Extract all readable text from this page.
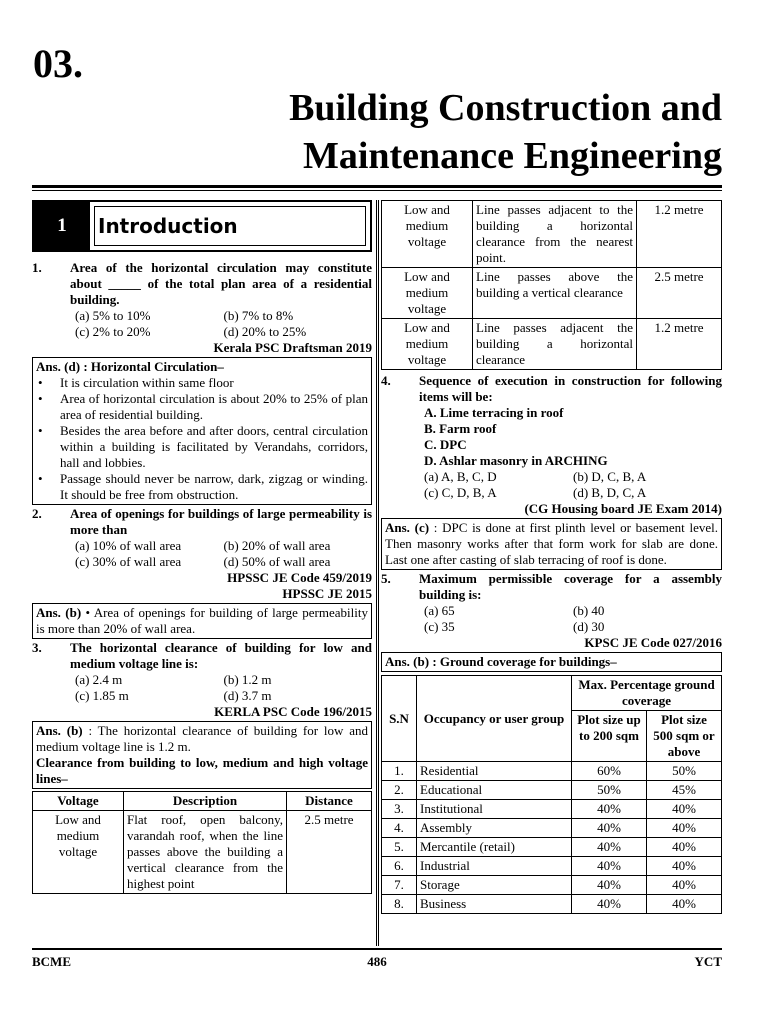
03.
Building Construction and
Maintenance Engineering
1	Introduction
1.	Area of the horizontal circulation may constitute about _____ of the total plan area of a residential building.
(a) 5% to 10%	(b) 7% to 8%
(c) 2% to 20%	(d) 20% to 25%
Kerala PSC Draftsman 2019
Ans. (d) : Horizontal Circulation–
•	It is circulation within same floor
•	Area of horizontal circulation is about 20% to 25% of plan area of residential building.
•	Besides the area before and after doors, central circulation within a building is facilitated by Verandahs, corridors, hall and lobbies.
•	Passage should never be narrow, dark, zigzag or winding. It should be free from obstruction.
2.	Area of openings for buildings of large permeability is more than
(a) 10% of wall area	(b) 20% of wall area
(c) 30% of wall area	(d) 50% of wall area
HPSSC JE Code 459/2019
HPSSC JE 2015
Ans. (b) • Area of openings for building of large permeability is more than 20% of wall area.
3.	The horizontal clearance of building for low and medium voltage line is:
(a) 2.4 m	(b) 1.2 m
(c) 1.85 m	(d) 3.7 m
KERLA PSC Code 196/2015
Ans. (b) : The horizontal clearance of building for low and medium voltage line is 1.2 m.
Clearance from building to low, medium and high voltage lines–
Voltage	Description	Distance
Low and medium voltage	Flat roof, open balcony, varandah roof, when the line passes above the building a vertical clearance from the highest point	2.5 metre
Low and medium voltage	Line passes adjacent to the building a horizontal clearance from the nearest point.	1.2 metre
Low and medium voltage	Line passes above the building a vertical clearance	2.5 metre
Low and medium voltage	Line passes adjacent the building a horizontal clearance	1.2 metre
4.	Sequence of execution in construction for following items will be:
A. Lime terracing in roof
B. Farm roof
C. DPC
D. Ashlar masonry in ARCHING
(a) A, B, C, D	(b) D, C, B, A
(c) C, D, B, A	(d) B, D, C, A
(CG Housing board JE Exam 2014)
Ans. (c) : DPC is done at first plinth level or basement level. Then masonry works after that form work for slab are done. Last one after casting of slab terracing of roof is done.
5.	Maximum permissible coverage for a assembly building is:
(a) 65	(b) 40
(c) 35	(d) 30
KPSC JE Code 027/2016
Ans. (b) : Ground coverage for buildings–
S.N	Occupancy or user group	Max. Percentage ground coverage	
		Plot size up to 200 sqm	Plot size 500 sqm or above
1.	Residential	60%	50%
2.	Educational	50%	45%
3.	Institutional	40%	40%
4.	Assembly	40%	40%
5.	Mercantile (retail)	40%	40%
6.	Industrial	40%	40%
7.	Storage	40%	40%
8.	Business	40%	40%
BCME	486	YCT
